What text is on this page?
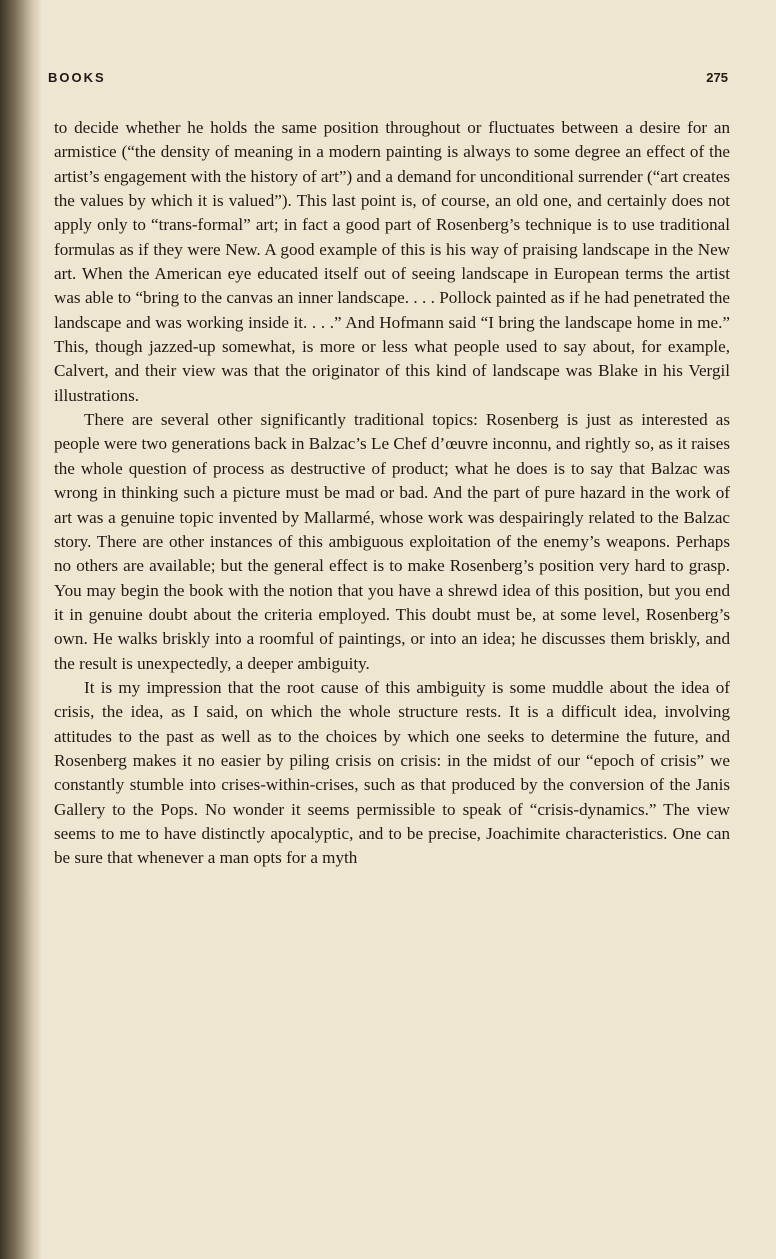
BOOKS	275

to decide whether he holds the same position throughout or fluctuates between a desire for an armistice (“the density of meaning in a modern painting is always to some degree an effect of the artist’s engagement with the history of art”) and a demand for unconditional surrender (“art creates the values by which it is valued”). This last point is, of course, an old one, and certainly does not apply only to “trans-formal” art; in fact a good part of Rosenberg’s technique is to use traditional formulas as if they were New. A good example of this is his way of praising landscape in the New art. When the American eye educated itself out of seeing landscape in European terms the artist was able to “bring to the canvas an inner landscape. . . . Pollock painted as if he had penetrated the landscape and was working inside it. . . .” And Hofmann said “I bring the landscape home in me.” This, though jazzed-up somewhat, is more or less what people used to say about, for example, Calvert, and their view was that the originator of this kind of landscape was Blake in his Vergil illustrations.

There are several other significantly traditional topics: Rosenberg is just as interested as people were two generations back in Balzac’s Le Chef d’œuvre inconnu, and rightly so, as it raises the whole question of process as destructive of product; what he does is to say that Balzac was wrong in thinking such a picture must be mad or bad. And the part of pure hazard in the work of art was a genuine topic invented by Mallarmé, whose work was despairingly related to the Balzac story. There are other instances of this ambiguous exploitation of the enemy’s weapons. Perhaps no others are available; but the general effect is to make Rosenberg’s position very hard to grasp. You may begin the book with the notion that you have a shrewd idea of this position, but you end it in genuine doubt about the criteria employed. This doubt must be, at some level, Rosenberg’s own. He walks briskly into a roomful of paintings, or into an idea; he discusses them briskly, and the result is unexpectedly, a deeper ambiguity.

It is my impression that the root cause of this ambiguity is some muddle about the idea of crisis, the idea, as I said, on which the whole structure rests. It is a difficult idea, involving attitudes to the past as well as to the choices by which one seeks to determine the future, and Rosenberg makes it no easier by piling crisis on crisis: in the midst of our “epoch of crisis” we constantly stumble into crises-within-crises, such as that produced by the conversion of the Janis Gallery to the Pops. No wonder it seems permissible to speak of “crisis-dynamics.” The view seems to me to have distinctly apocalyptic, and to be precise, Joachimite characteristics. One can be sure that whenever a man opts for a myth
